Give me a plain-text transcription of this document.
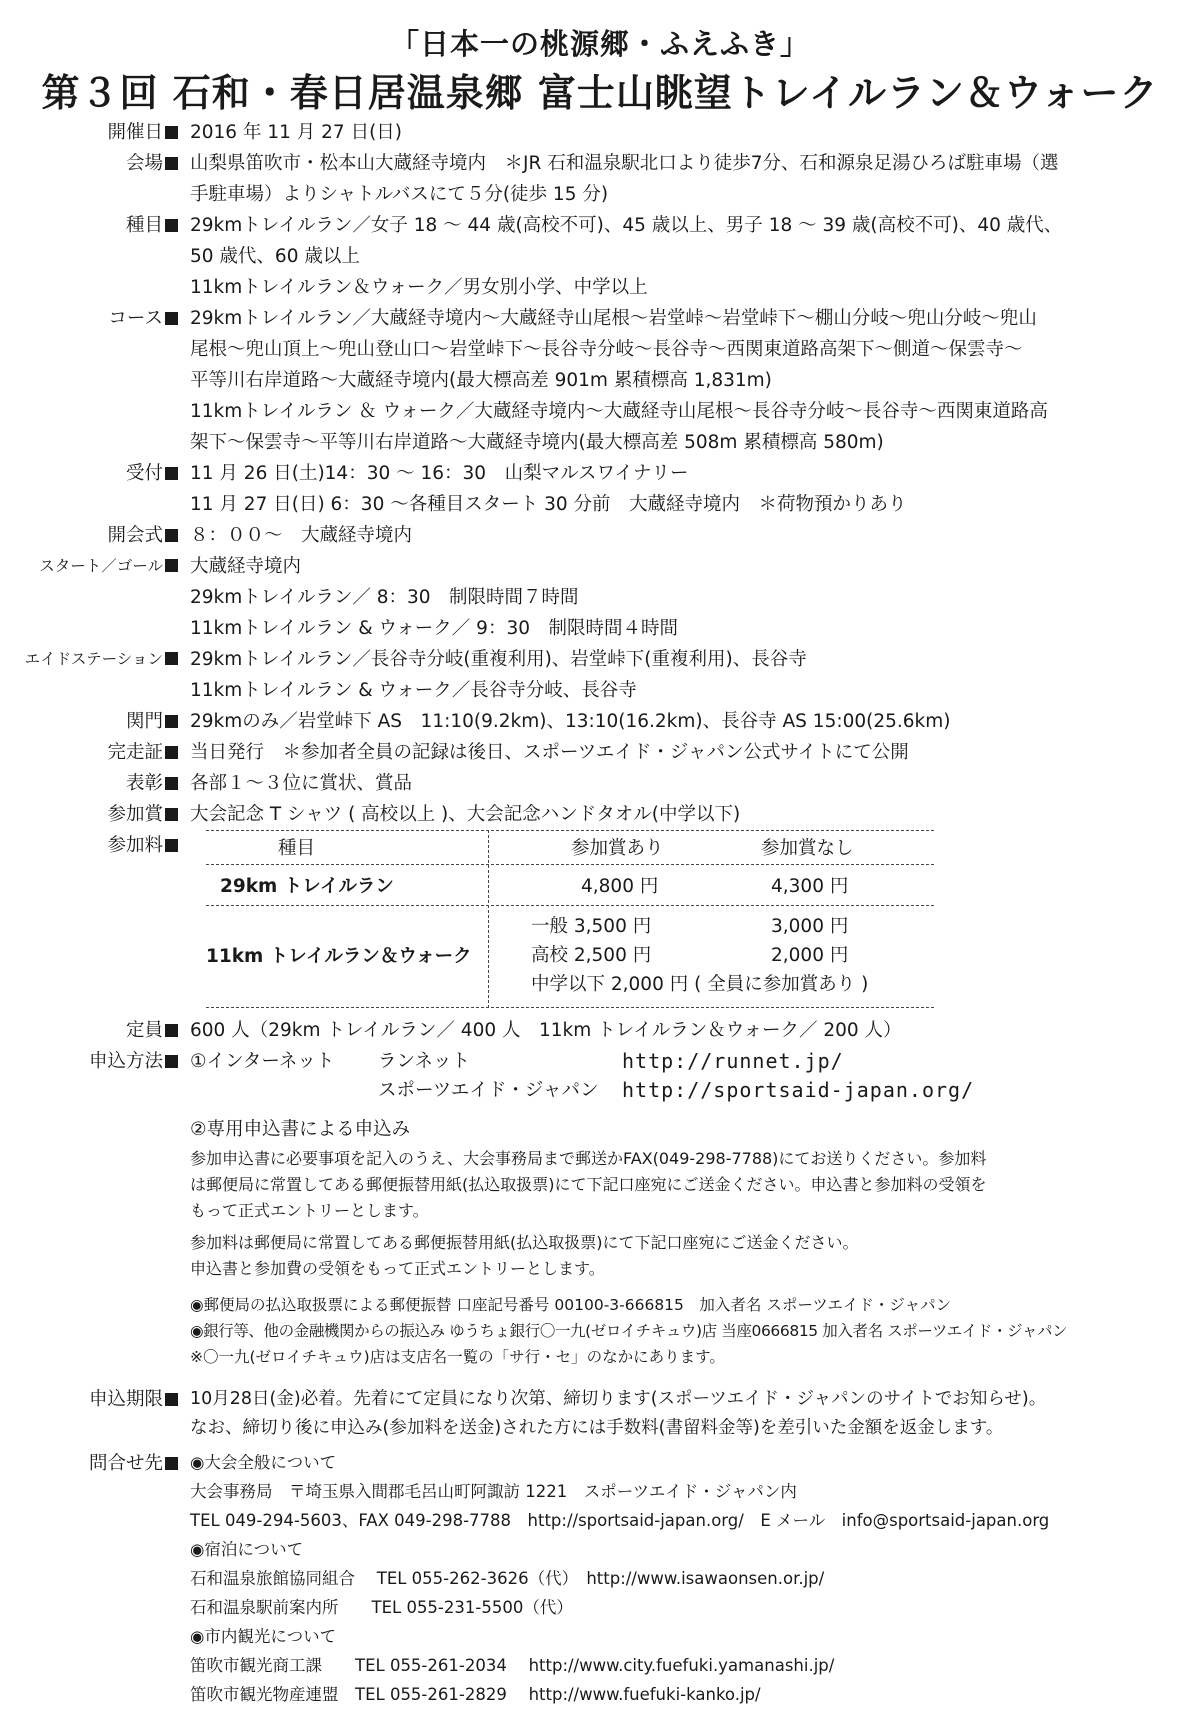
「日本一の桃源郷・ふえふき」
第３回 石和・春日居温泉郷 富士山眺望トレイルラン＆ウォーク
開催日	2016 年 11 月 27 日(日)
会場	山梨県笛吹市・松本山大蔵経寺境内　＊JR 石和温泉駅北口より徒歩7分、石和源泉足湯ひろば駐車場（選
手駐車場）よりシャトルバスにて５分(徒歩 15 分)
種目	29kmトレイルラン／女子 18 ～ 44 歳(高校不可)、45 歳以上、男子 18 ～ 39 歳(高校不可)、40 歳代、
50 歳代、60 歳以上
11kmトレイルラン＆ウォーク／男女別小学、中学以上
コース	29kmトレイルラン／大蔵経寺境内～大蔵経寺山尾根～岩堂峠～岩堂峠下～棚山分岐～兜山分岐～兜山
尾根～兜山頂上～兜山登山口～岩堂峠下～長谷寺分岐～長谷寺～西関東道路高架下～側道～保雲寺～
平等川右岸道路～大蔵経寺境内(最大標高差 901m 累積標高 1,831m)
11kmトレイルラン ＆ ウォーク／大蔵経寺境内～大蔵経寺山尾根～長谷寺分岐～長谷寺～西関東道路高
架下～保雲寺～平等川右岸道路～大蔵経寺境内(最大標高差 508m 累積標高 580m)
受付	11 月 26 日(土)14：30 ～ 16：30　山梨マルスワイナリー
11 月 27 日(日) 6：30 ～各種目スタート 30 分前　大蔵経寺境内　＊荷物預かりあり
開会式	８：００～　大蔵経寺境内
スタート／ゴール	大蔵経寺境内
29kmトレイルラン／ 8：30　制限時間７時間
11kmトレイルラン & ウォーク／ 9：30　制限時間４時間
エイドステーション	29kmトレイルラン／長谷寺分岐(重複利用)、岩堂峠下(重複利用)、長谷寺
11kmトレイルラン & ウォーク／長谷寺分岐、長谷寺
関門	29kmのみ／岩堂峠下 AS　11:10(9.2km)、13:10(16.2km)、長谷寺 AS 15:00(25.6km)
完走証	当日発行　＊参加者全員の記録は後日、スポーツエイド・ジャパン公式サイトにて公開
表彰	各部１～３位に賞状、賞品
参加賞	大会記念 T シャツ ( 高校以上 )、大会記念ハンドタオル(中学以下)
参加料	種目	参加賞あり	参加賞なし
29km トレイルラン	4,800 円	4,300 円
11km トレイルラン＆ウォーク
一般 3,500 円	3,000 円
高校 2,500 円	2,000 円
中学以下 2,000 円 ( 全員に参加賞あり )
定員	600 人（29km トレイルラン／ 400 人　11km トレイルラン＆ウォーク／ 200 人）
申込方法	①インターネット ランネット	http://runnet.jp/
スポーツエイド・ジャパン http://sportsaid-japan.org/
②専用申込書による申込み
参加申込書に必要事項を記入のうえ、大会事務局まで郵送かFAX(049-298-7788)にてお送りください。参加料
は郵便局に常置してある郵便振替用紙(払込取扱票)にて下記口座宛にご送金ください。申込書と参加料の受領を
もって正式エントリーとします。
参加料は郵便局に常置してある郵便振替用紙(払込取扱票)にて下記口座宛にご送金ください。
申込書と参加費の受領をもって正式エントリーとします。
◉郵便局の払込取扱票による郵便振替 口座記号番号 00100-3-666815　加入者名 スポーツエイド・ジャパン
◉銀行等、他の金融機関からの振込み ゆうちょ銀行〇一九(ゼロイチキュウ)店 当座0666815 加入者名 スポーツエイド・ジャパン
※〇一九(ゼロイチキュウ)店は支店名一覧の「サ行・セ」のなかにあります。
申込期限	10月28日(金)必着。先着にて定員になり次第、締切ります(スポーツエイド・ジャパンのサイトでお知らせ)。
なお、締切り後に申込み(参加料を送金)された方には手数料(書留料金等)を差引いた金額を返金します。
問合せ先	◉大会全般について
大会事務局　〒埼玉県入間郡毛呂山町阿諏訪 1221　スポーツエイド・ジャパン内
TEL 049-294-5603、FAX 049-298-7788　http://sportsaid-japan.org/　E メール　info@sportsaid-japan.org
◉宿泊について
石和温泉旅館協同組合　 TEL 055-262-3626（代）　http://www.isawaonsen.or.jp/
石和温泉駅前案内所　　TEL 055-231-5500（代）
◉市内観光について
笛吹市観光商工課　　TEL 055-261-2034　 http://www.city.fuefuki.yamanashi.jp/
笛吹市観光物産連盟　TEL 055-261-2829　 http://www.fuefuki-kanko.jp/
